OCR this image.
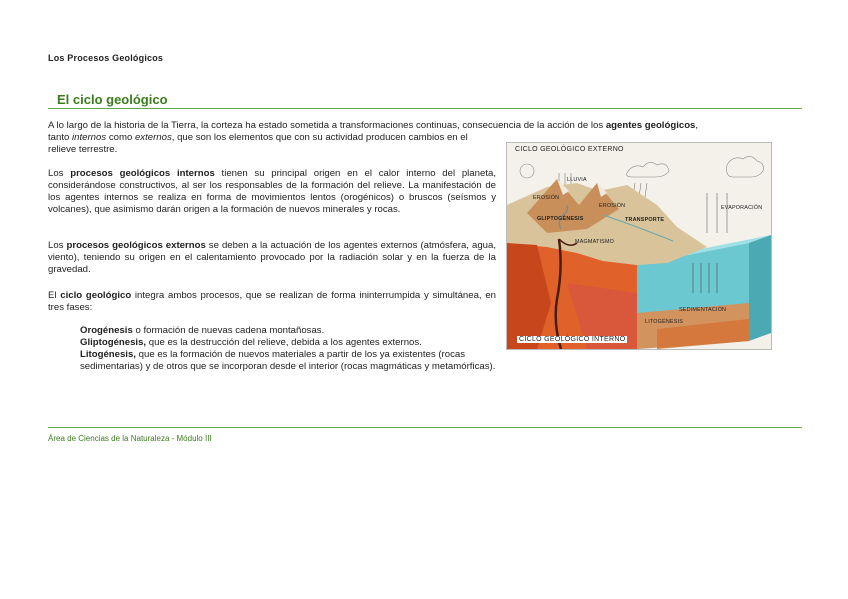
Los Procesos Geológicos
El ciclo geológico
A lo largo de la historia de la Tierra, la corteza ha estado sometida a transformaciones continuas, consecuencia de la acción de los agentes geológicos,
tanto internos como externos, que son los elementos que con su actividad producen cambios en el relieve terrestre.
Los procesos geológicos internos tienen su principal origen en el calor interno del planeta, considerándose constructivos, al ser los responsables de la formación del relieve. La manifestación de los agentes internos se realiza en forma de movimientos lentos (orogénicos) o bruscos (seísmos y volcanes), que asimismo darán origen a la formación de nuevos minerales y rocas.
Los procesos geológicos externos se deben a la actuación de los agentes externos (atmósfera, agua, viento), teniendo su origen en el calentamiento provocado por la radiación solar y en la fuerza de la gravedad.
El ciclo geológico integra ambos procesos, que se realizan de forma ininterrumpida y simultánea, en tres fases:
Orogénesis o formación de nuevas cadena montañosas.
Gliptogénesis, que es la destrucción del relieve, debida a los agentes externos.
Litogénesis, que es la formación de nuevos materiales a partir de los ya existentes (rocas sedimentarias) y de otros que se incorporan desde el interior (rocas magmáticas y metamórficas).
CICLO GEOLÓGICO EXTERNO
LLUVIA
EROSIÓN
EROSIÓN
GLIPTOGÉNESIS	TRANSPORTE
EVAPORACIÓN
MAGMATISMO
SEDIMENTACIÓN
LITOGÉNESIS
CICLO GEOLÓGICO INTERNO
Área de Ciencias de la Naturaleza - Módulo III
